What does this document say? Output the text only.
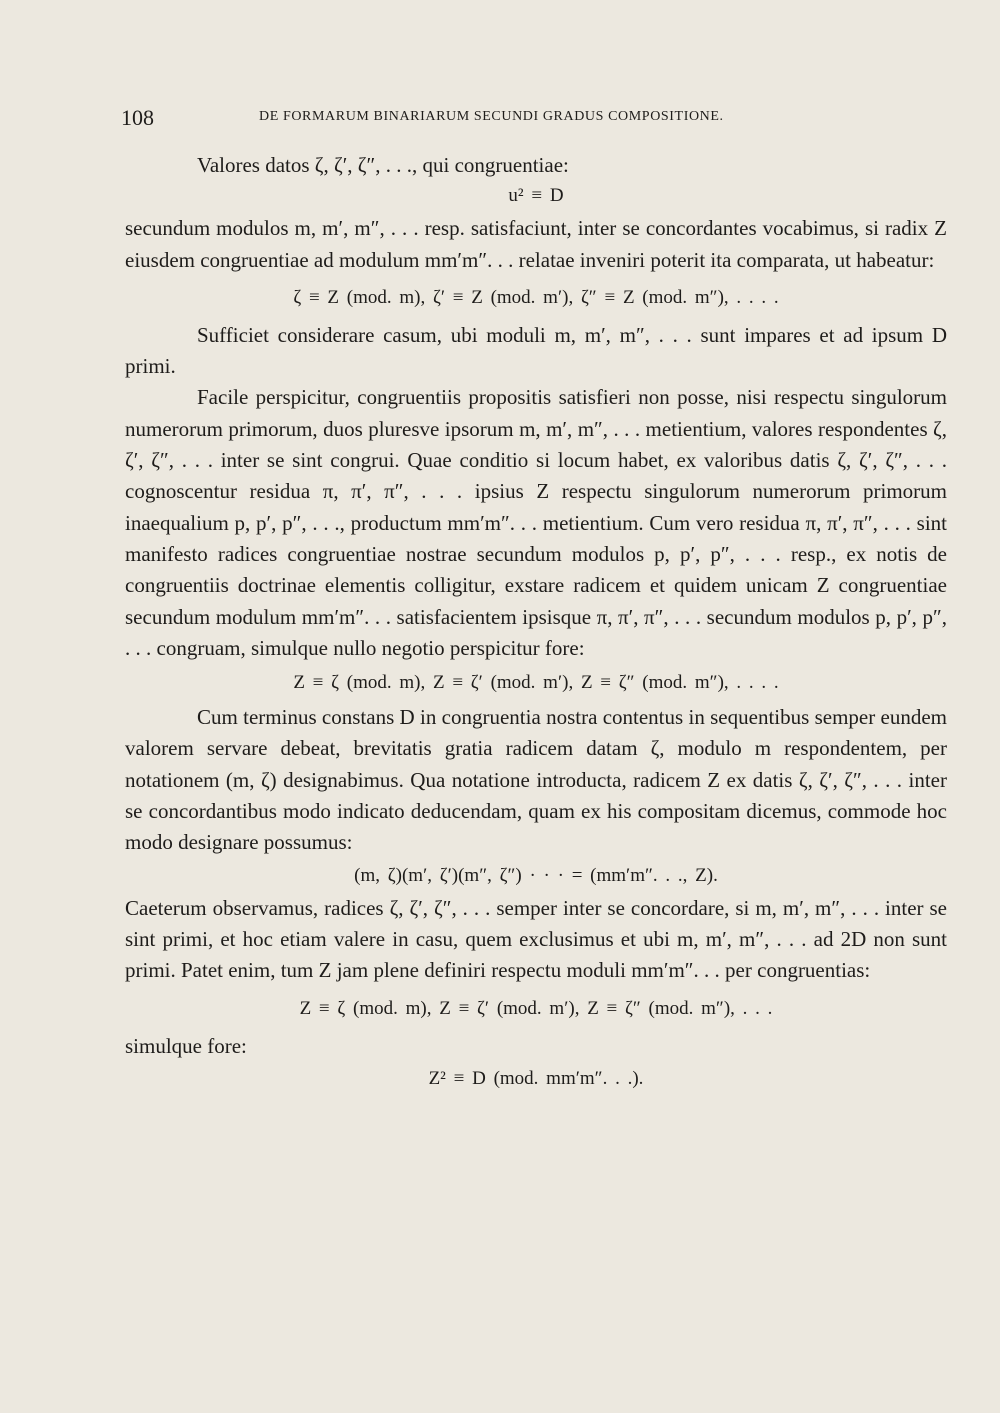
108	DE FORMARUM BINARIARUM SECUNDI GRADUS COMPOSITIONE.

Valores datos ζ, ζ′, ζ″, . . ., qui congruentiae:

u² ≡ D

secundum modulos m, m′, m″, . . . resp. satisfaciunt, inter se concordantes vocabimus, si radix Z eiusdem congruentiae ad modulum mm′m″. . . relatae inveniri poterit ita comparata, ut habeatur:

ζ ≡ Z (mod. m), ζ′ ≡ Z (mod. m′), ζ″ ≡ Z (mod. m″), . . . .

Sufficiet considerare casum, ubi moduli m, m′, m″, . . . sunt impares et ad ipsum D primi.

Facile perspicitur, congruentiis propositis satisfieri non posse, nisi respectu singulorum numerorum primorum, duos pluresve ipsorum m, m′, m″, . . . metientium, valores respondentes ζ, ζ′, ζ″, . . . inter se sint congrui. Quae conditio si locum habet, ex valoribus datis ζ, ζ′, ζ″, . . . cognoscentur residua π, π′, π″, . . . ipsius Z respectu singulorum numerorum primorum inaequalium p, p′, p″, . . ., productum mm′m″. . . metientium. Cum vero residua π, π′, π″, . . . sint manifesto radices congruentiae nostrae secundum modulos p, p′, p″, . . . resp., ex notis de congruentiis doctrinae elementis colligitur, exstare radicem et quidem unicam Z congruentiae secundum modulum mm′m″. . . satisfacientem ipsisque π, π′, π″, . . . secundum modulos p, p′, p″, . . . congruam, simulque nullo negotio perspicitur fore:

Z ≡ ζ (mod. m), Z ≡ ζ′ (mod. m′), Z ≡ ζ″ (mod. m″), . . . .

Cum terminus constans D in congruentia nostra contentus in sequentibus semper eundem valorem servare debeat, brevitatis gratia radicem datam ζ, modulo m respondentem, per notationem (m, ζ) designabimus. Qua notatione introducta, radicem Z ex datis ζ, ζ′, ζ″, . . . inter se concordantibus modo indicato deducendam, quam ex his compositam dicemus, commode hoc modo designare possumus:

(m, ζ)(m′, ζ′)(m″, ζ″) · · · = (mm′m″. . ., Z).

Caeterum observamus, radices ζ, ζ′, ζ″, . . . semper inter se concordare, si m, m′, m″, . . . inter se sint primi, et hoc etiam valere in casu, quem exclusimus et ubi m, m′, m″, . . . ad 2D non sunt primi. Patet enim, tum Z jam plene definiri respectu moduli mm′m″. . . per congruentias:

Z ≡ ζ (mod. m), Z ≡ ζ′ (mod. m′), Z ≡ ζ″ (mod. m″), . . .

simulque fore:

Z² ≡ D (mod. mm′m″. . .).
